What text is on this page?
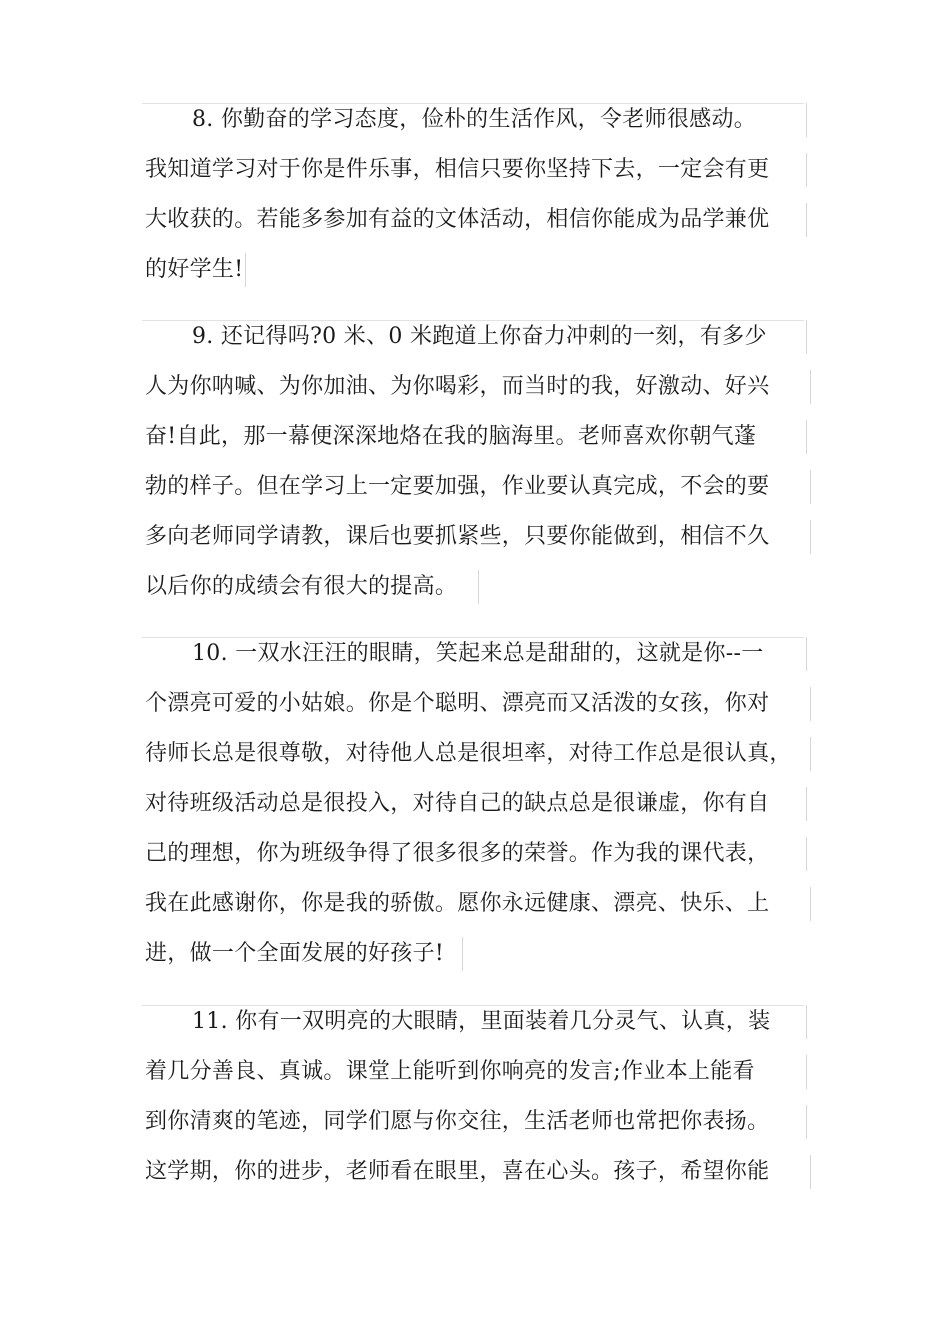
8. 你勤奋的学习态度，俭朴的生活作风，令老师很感动。
我知道学习对于你是件乐事，相信只要你坚持下去，一定会有更
大收获的。若能多参加有益的文体活动，相信你能成为品学兼优
的好学生!
9. 还记得吗?0 米、0 米跑道上你奋力冲刺的一刻，有多少
人为你呐喊、为你加油、为你喝彩，而当时的我，好激动、好兴
奋!自此，那一幕便深深地烙在我的脑海里。老师喜欢你朝气蓬
勃的样子。但在学习上一定要加强，作业要认真完成，不会的要
多向老师同学请教，课后也要抓紧些，只要你能做到，相信不久
以后你的成绩会有很大的提高。
10. 一双水汪汪的眼睛，笑起来总是甜甜的，这就是你--一
个漂亮可爱的小姑娘。你是个聪明、漂亮而又活泼的女孩，你对
待师长总是很尊敬，对待他人总是很坦率，对待工作总是很认真，
对待班级活动总是很投入，对待自己的缺点总是很谦虚，你有自
己的理想，你为班级争得了很多很多的荣誉。作为我的课代表，
我在此感谢你，你是我的骄傲。愿你永远健康、漂亮、快乐、上
进，做一个全面发展的好孩子!
11. 你有一双明亮的大眼睛，里面装着几分灵气、认真，装
着几分善良、真诚。课堂上能听到你响亮的发言;作业本上能看
到你清爽的笔迹，同学们愿与你交往，生活老师也常把你表扬。
这学期，你的进步，老师看在眼里，喜在心头。孩子，希望你能
